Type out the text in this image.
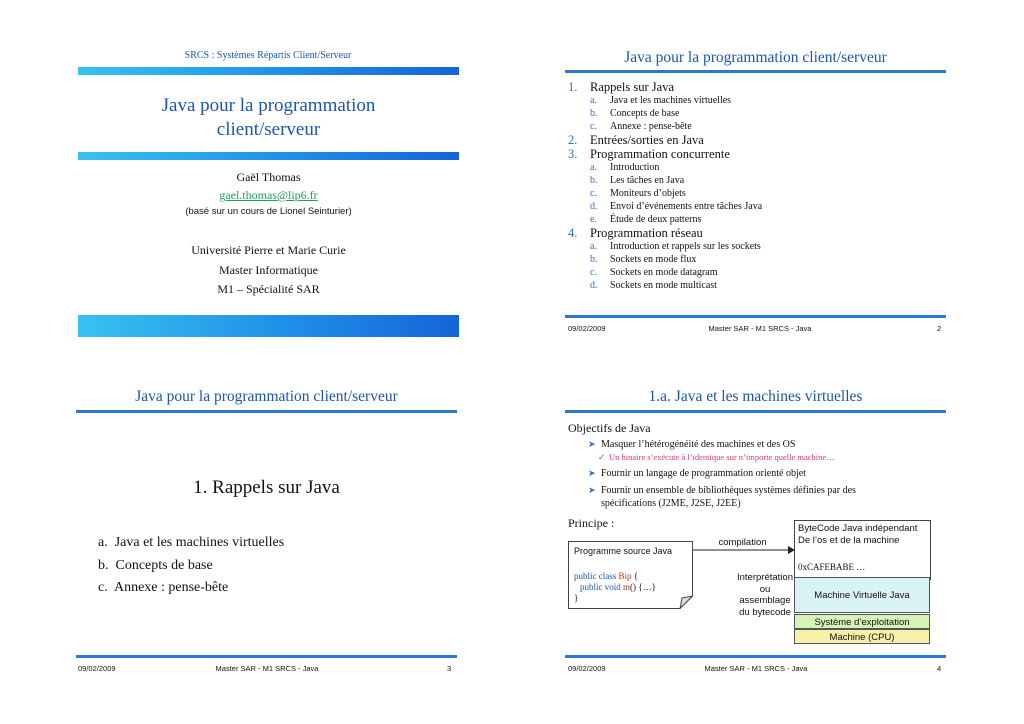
SRCS : Systèmes Répartis Client/Serveur
Java pour la programmation
client/serveur
Gaël Thomas
gael.thomas@lip6.fr
(basé sur un cours de Lionel Seinturier)
Université Pierre et Marie Curie
Master Informatique
M1 – Spécialité SAR
Java pour la programmation client/serveur
1. Rappels sur Java
a. Java et les machines virtuelles
b. Concepts de base
c. Annexe : pense-bête
2. Entrées/sorties en Java
3. Programmation concurrente
a. Introduction
b. Les tâches en Java
c. Moniteurs d’objets
d. Envoi d’événements entre tâches Java
e. Étude de deux patterns
4. Programmation réseau
a. Introduction et rappels sur les sockets
b. Sockets en mode flux
c. Sockets en mode datagram
d. Sockets en mode multicast
09/02/2009	Master SAR - M1 SRCS - Java	2
Java pour la programmation client/serveur
1. Rappels sur Java
a. Java et les machines virtuelles
b. Concepts de base
c. Annexe : pense-bête
09/02/2009	Master SAR - M1 SRCS - Java	3
1.a. Java et les machines virtuelles
Objectifs de Java
➤ Masquer l’hétérogénéité des machines et des OS
✓ Un binaire s’exécute à l’identique sur n’importe quelle machine…
➤ Fournir un langage de programmation orienté objet
➤ Fournir un ensemble de bibliothèques systèmes définies par des
spécifications (J2ME, J2SE, J2EE)
Principe :
Programme source Java
public class Bip {
public void m() {…}
}
compilation
ByteCode Java indépendant
De l’os et de la machine
0xCAFEBABE …
Interprétation
ou
assemblage
du bytecode
Machine Virtuelle Java
Système d’exploitation
Machine (CPU)
09/02/2009	Master SAR - M1 SRCS - Java	4
